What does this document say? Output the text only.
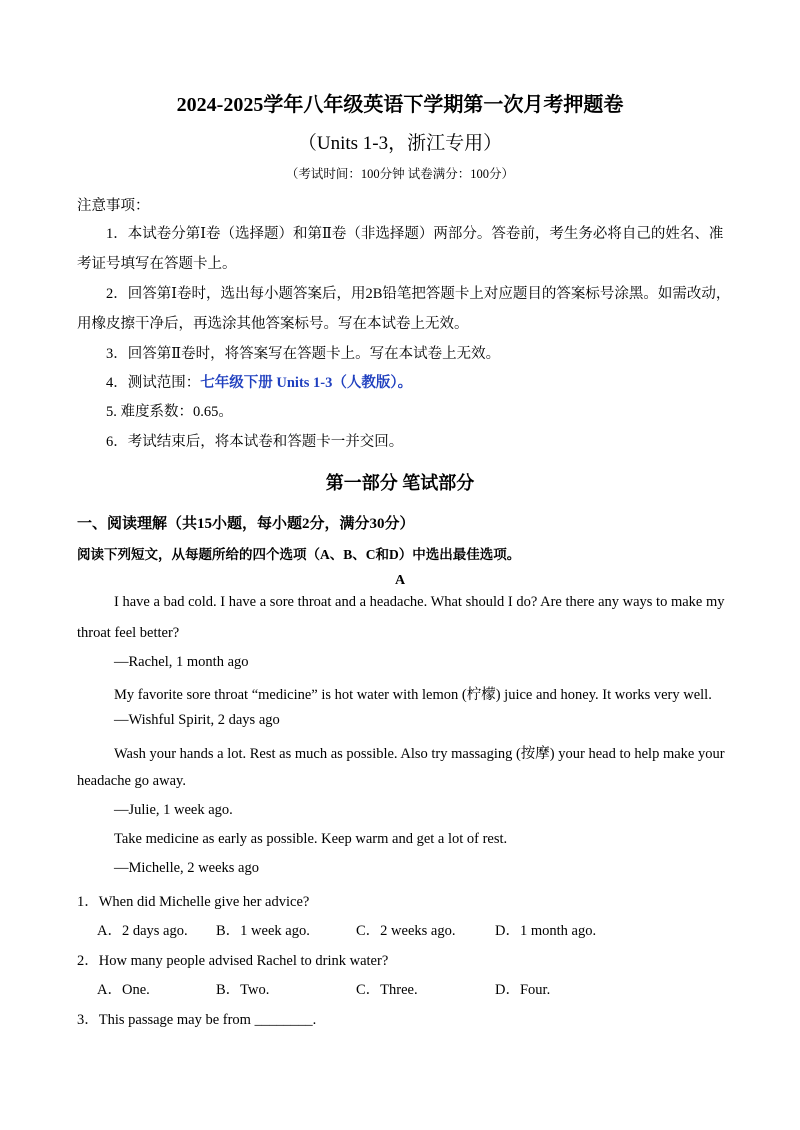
2024-2025学年八年级英语下学期第一次月考押题卷
（Units 1-3，浙江专用）
（考试时间：100分钟 试卷满分：100分）
注意事项：
1．本试卷分第Ⅰ卷（选择题）和第Ⅱ卷（非选择题）两部分。答卷前，考生务必将自己的姓名、准
考证号填写在答题卡上。
2．回答第Ⅰ卷时，选出每小题答案后，用2B铅笔把答题卡上对应题目的答案标号涂黑。如需改动，
用橡皮擦干净后，再选涂其他答案标号。写在本试卷上无效。
3．回答第Ⅱ卷时，将答案写在答题卡上。写在本试卷上无效。
4．测试范围：七年级下册 Units 1-3（人教版）。
5. 难度系数：0.65。
6．考试结束后，将本试卷和答题卡一并交回。
第一部分 笔试部分
一、阅读理解（共15小题，每小题2分，满分30分）
阅读下列短文，从每题所给的四个选项（A、B、C和D）中选出最佳选项。
A
I have a bad cold. I have a sore throat and a headache. What should I do? Are there any ways to make my
throat feel better?
—Rachel, 1 month ago
My favorite sore throat “medicine” is hot water with lemon (柠檬) juice and honey. It works very well.
—Wishful Spirit, 2 days ago
Wash your hands a lot. Rest as much as possible. Also try massaging (按摩) your head to help make your
headache go away.
—Julie, 1 week ago.
Take medicine as early as possible. Keep warm and get a lot of rest.
—Michelle, 2 weeks ago
1．When did Michelle give her advice?
A．2 days ago. B．1 week ago.	C．2 weeks ago.	D．1 month ago.
2．How many people advised Rachel to drink water?
A．One.	B．Two.	C．Three.	D．Four.
3．This passage may be from ________.
